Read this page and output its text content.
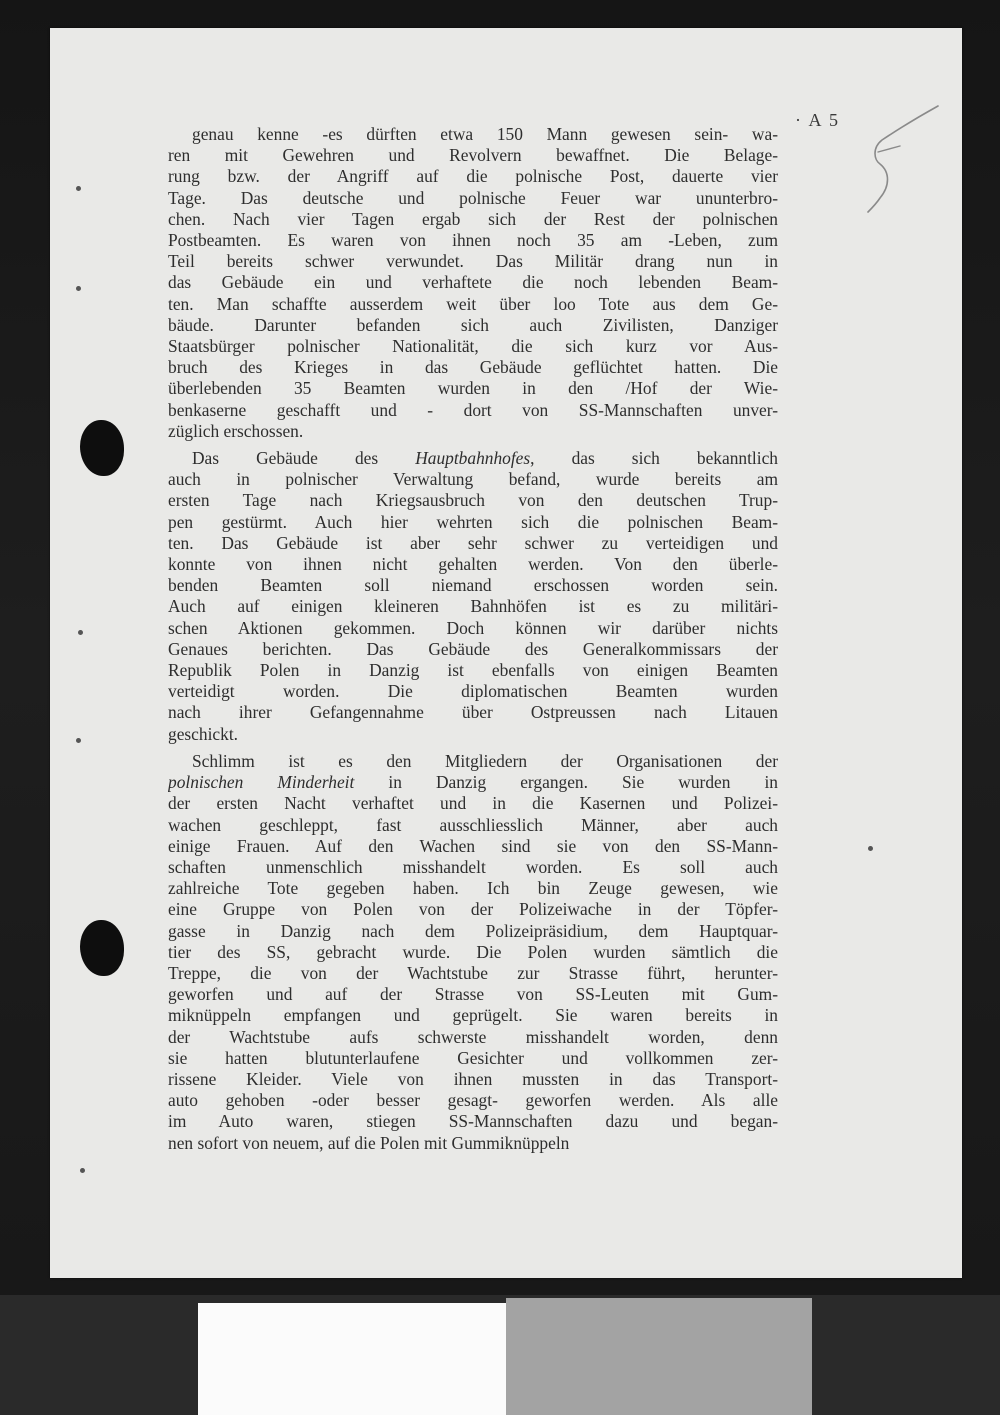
· A 5

genau kenne -es dürften etwa 150 Mann gewesen sein- wa-
ren mit Gewehren und Revolvern bewaffnet. Die Belage-
rung bzw. der Angriff auf die polnische Post, dauerte vier
Tage. Das deutsche und polnische Feuer war ununterbro-
chen. Nach vier Tagen ergab sich der Rest der polnischen
Postbeamten. Es waren von ihnen noch 35 am -Leben, zum
Teil bereits schwer verwundet. Das Militär drang nun in
das Gebäude ein und verhaftete die noch lebenden Beam-
ten. Man schaffte ausserdem weit über loo Tote aus dem Ge-
bäude. Darunter befanden sich auch Zivilisten, Danziger
Staatsbürger polnischer Nationalität, die sich kurz vor Aus-
bruch des Krieges in das Gebäude geflüchtet hatten. Die
überlebenden 35 Beamten wurden in den /Hof der Wie-
benkaserne geschafft und - dort von SS-Mannschaften unver-
züglich erschossen.

Das Gebäude des Hauptbahnhofes, das sich bekanntlich
auch in polnischer Verwaltung befand, wurde bereits am
ersten Tage nach Kriegsausbruch von den deutschen Trup-
pen gestürmt. Auch hier wehrten sich die polnischen Beam-
ten. Das Gebäude ist aber sehr schwer zu verteidigen und
konnte von ihnen nicht gehalten werden. Von den überle-
benden Beamten soll niemand erschossen worden sein.
Auch auf einigen kleineren Bahnhöfen ist es zu militäri-
schen Aktionen gekommen. Doch können wir darüber nichts
Genaues berichten. Das Gebäude des Generalkommissars der
Republik Polen in Danzig ist ebenfalls von einigen Beamten
verteidigt worden. Die diplomatischen Beamten wurden
nach ihrer Gefangennahme über Ostpreussen nach Litauen
geschickt.

Schlimm ist es den Mitgliedern der Organisationen der
polnischen Minderheit in Danzig ergangen. Sie wurden in
der ersten Nacht verhaftet und in die Kasernen und Polizei-
wachen geschleppt, fast ausschliesslich Männer, aber auch
einige Frauen. Auf den Wachen sind sie von den SS-Mann-
schaften unmenschlich misshandelt worden. Es soll auch
zahlreiche Tote gegeben haben. Ich bin Zeuge gewesen, wie
eine Gruppe von Polen von der Polizeiwache in der Töpfer-
gasse in Danzig nach dem Polizeipräsidium, dem Hauptquar-
tier des SS, gebracht wurde. Die Polen wurden sämtlich die
Treppe, die von der Wachtstube zur Strasse führt, herunter-
geworfen und auf der Strasse von SS-Leuten mit Gum-
miknüppeln empfangen und geprügelt. Sie waren bereits in
der Wachtstube aufs schwerste misshandelt worden, denn
sie hatten blutunterlaufene Gesichter und vollkommen zer-
rissene Kleider. Viele von ihnen mussten in das Transport-
auto gehoben -oder besser gesagt- geworfen werden. Als alle
im Auto waren, stiegen SS-Mannschaften dazu und began-
nen sofort von neuem, auf die Polen mit Gummiknüppeln
